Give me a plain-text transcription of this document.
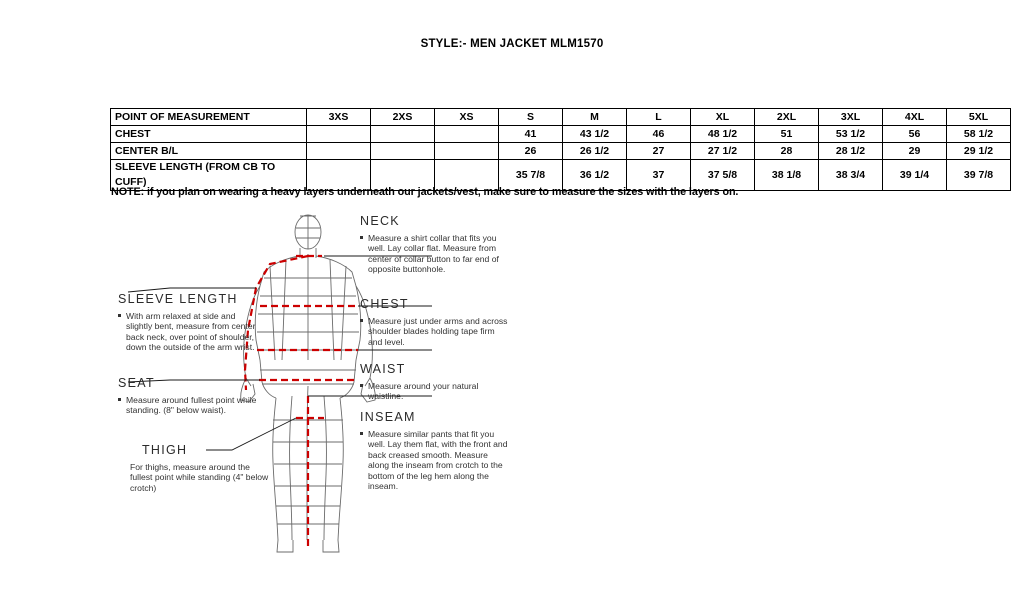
STYLE:- MEN JACKET MLM1570
POINT OF MEASUREMENT	3XS	2XS	XS	S	M	L	XL	2XL	3XL	4XL	5XL
CHEST				41	43 1/2	46	48 1/2	51	53 1/2	56	58 1/2
CENTER B/L				26	26 1/2	27	27 1/2	28	28 1/2	29	29 1/2
SLEEVE LENGTH (FROM CB TO CUFF)				35 7/8	36 1/2	37	37 5/8	38 1/8	38 3/4	39 1/4	39 7/8
NOTE: if you plan on wearing a heavy layers underneath our jackets/vest, make sure to measure the sizes with the layers on.
SLEEVE LENGTH
With arm relaxed at side and slightly bent, measure from center back neck, over point of shoulder, down the outside of the arm wrist.
SEAT
Measure around fullest point while standing. (8" below waist).
THIGH
For thighs, measure around the fullest point while standing (4" below crotch)
NECK
Measure a shirt collar that fits you well. Lay collar flat. Measure from center of collar button to far end of opposite buttonhole.
CHEST
Measure just under arms and across shoulder blades holding tape firm and level.
WAIST
Measure around your natural waistline.
INSEAM
Measure similar pants that fit you well. Lay them flat, with the front and back creased smooth. Measure along the inseam from crotch to the bottom of the leg hem along the inseam.
